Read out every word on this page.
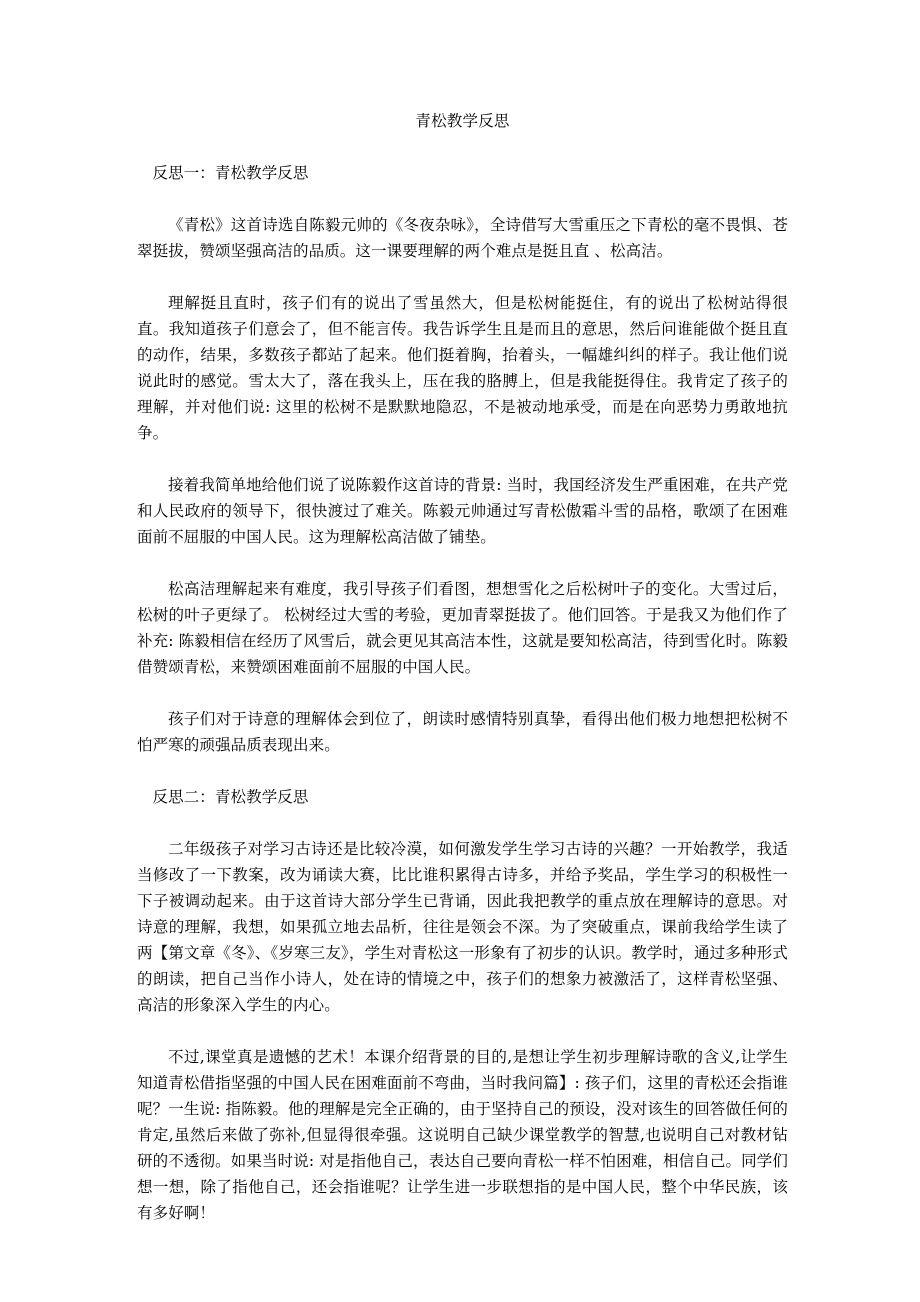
青松教学反思

反思一：青松教学反思

《青松》这首诗选自陈毅元帅的《冬夜杂咏》，全诗借写大雪重压之下青松的毫不畏惧、苍翠挺拔，赞颂坚强高洁的品质。这一课要理解的两个难点是挺且直 、松高洁。

理解挺且直时，孩子们有的说出了雪虽然大，但是松树能挺住，有的说出了松树站得很直。我知道孩子们意会了，但不能言传。我告诉学生且是而且的意思，然后问谁能做个挺且直的动作，结果，多数孩子都站了起来。他们挺着胸，抬着头，一幅雄纠纠的样子。我让他们说说此时的感觉。雪太大了，落在我头上，压在我的胳膊上，但是我能挺得住。我肯定了孩子的理解，并对他们说: 这里的松树不是默默地隐忍，不是被动地承受，而是在向恶势力勇敢地抗争。

接着我简单地给他们说了说陈毅作这首诗的背景: 当时，我国经济发生严重困难，在共产党和人民政府的领导下，很快渡过了难关。陈毅元帅通过写青松傲霜斗雪的品格，歌颂了在困难面前不屈服的中国人民。这为理解松高洁做了铺垫。

松高洁理解起来有难度，我引导孩子们看图，想想雪化之后松树叶子的变化。大雪过后，松树的叶子更绿了。 松树经过大雪的考验，更加青翠挺拔了。他们回答。于是我又为他们作了补充: 陈毅相信在经历了风雪后，就会更见其高洁本性，这就是要知松高洁，待到雪化时。陈毅借赞颂青松，来赞颂困难面前不屈服的中国人民。

孩子们对于诗意的理解体会到位了，朗读时感情特别真挚，看得出他们极力地想把松树不怕严寒的顽强品质表现出来。

反思二：青松教学反思

二年级孩子对学习古诗还是比较冷漠，如何激发学生学习古诗的兴趣？一开始教学，我适当修改了一下教案，改为诵读大赛，比比谁积累得古诗多，并给予奖品，学生学习的积极性一下子被调动起来。由于这首诗大部分学生已背诵，因此我把教学的重点放在理解诗的意思。对诗意的理解，我想，如果孤立地去品析，往往是领会不深。为了突破重点，课前我给学生读了两【第文章《冬》、《岁寒三友》，学生对青松这一形象有了初步的认识。教学时，通过多种形式的朗读，把自己当作小诗人，处在诗的情境之中，孩子们的想象力被激活了，这样青松坚强、高洁的形象深入学生的内心。

不过,课堂真是遗憾的艺术！本课介绍背景的目的,是想让学生初步理解诗歌的含义,让学生知道青松借指坚强的中国人民在困难面前不弯曲，当时我问篇】: 孩子们，这里的青松还会指谁呢？一生说: 指陈毅。他的理解是完全正确的，由于坚持自己的预设，没对该生的回答做任何的肯定,虽然后来做了弥补,但显得很牵强。这说明自己缺少课堂教学的智慧,也说明自己对教材钻研的不透彻。如果当时说: 对是指他自己，表达自己要向青松一样不怕困难，相信自己。同学们想一想，除了指他自己，还会指谁呢？让学生进一步联想指的是中国人民，整个中华民族，该有多好啊！
